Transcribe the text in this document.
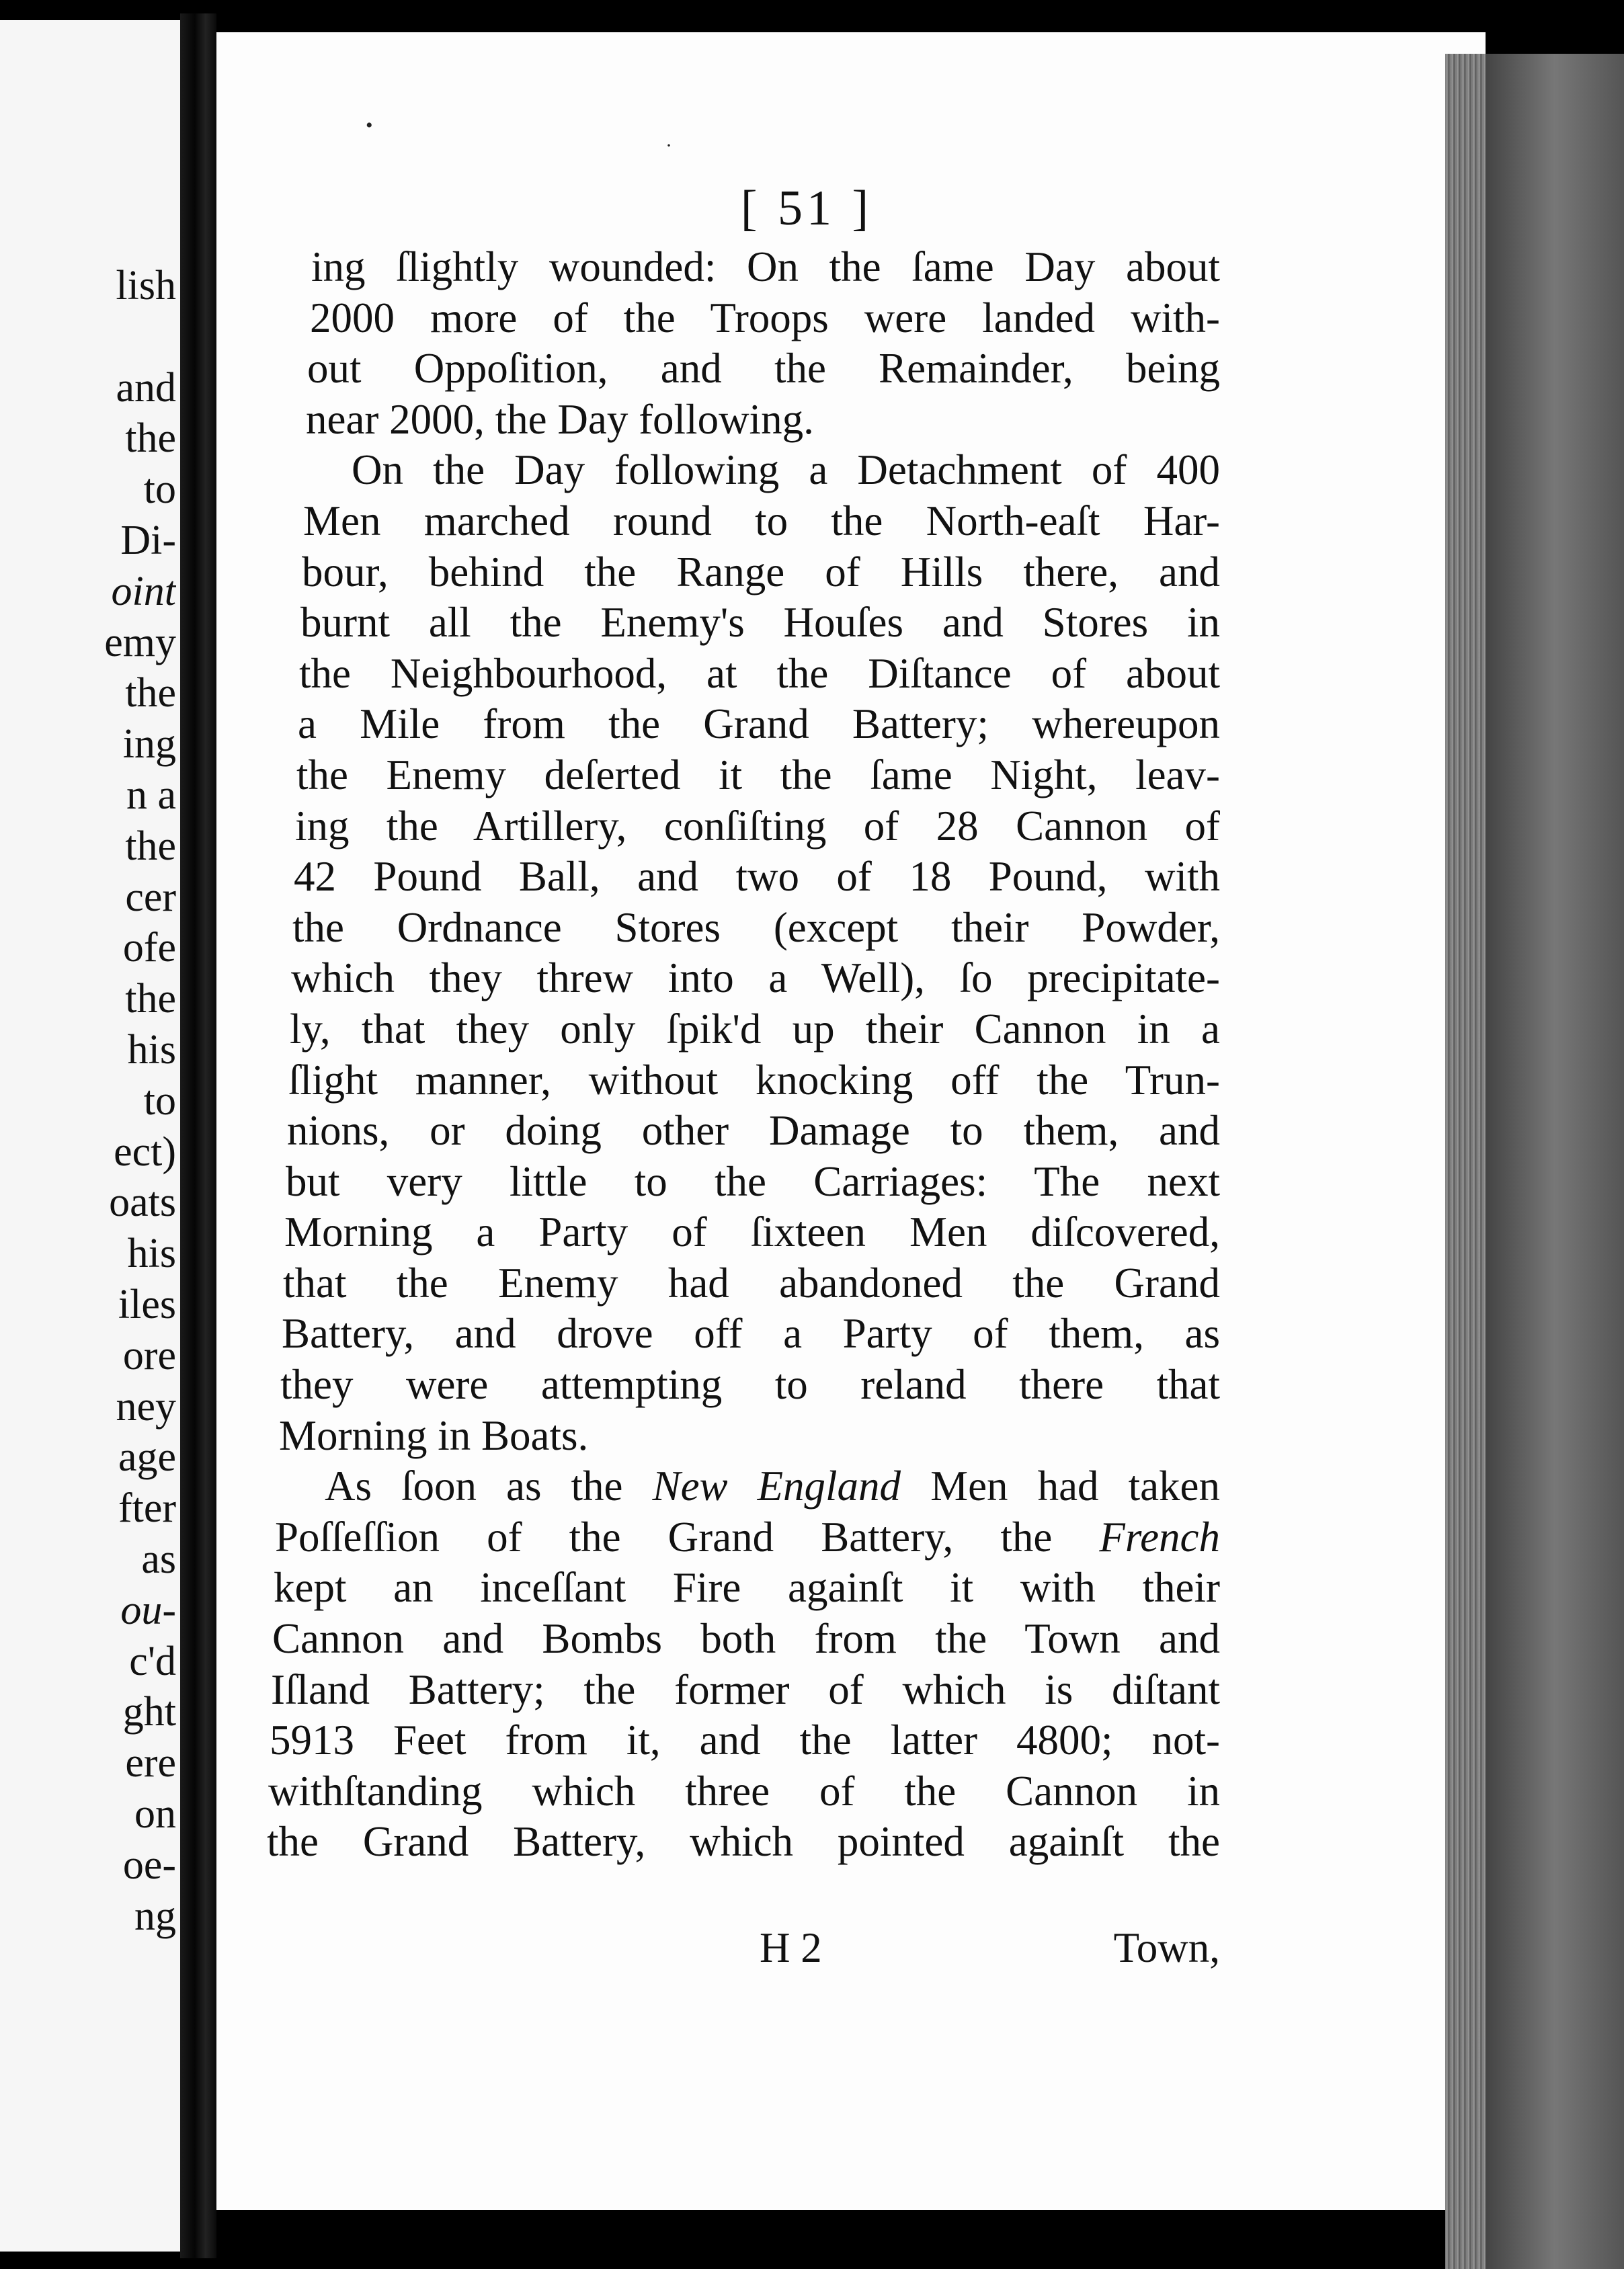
lish
and
the
to
Di-
oint
emy
the
ing
n a
the
cer
ofe
the
his
to
ect)
oats
his
iles
ore
ney
age
fter
as
ou-
c'd
ght
ere
on
oe-
ng
•
·
[ 51 ]
ing ſlightly wounded: On the ſame Day about
2000 more of the Troops were landed with-
out Oppoſition, and the Remainder, being
near 2000, the Day following.
On the Day following a Detachment of 400
Men marched round to the North-eaſt Har-
bour, behind the Range of Hills there, and
burnt all the Enemy's Houſes and Stores in
the Neighbourhood, at the Diſtance of about
a Mile from the Grand Battery; whereupon
the Enemy deſerted it the ſame Night, leav-
ing the Artillery, conſiſting of 28 Cannon of
42 Pound Ball, and two of 18 Pound, with
the Ordnance Stores (except their Powder,
which they threw into a Well), ſo precipitate-
ly, that they only ſpik'd up their Cannon in a
ſlight manner, without knocking off the Trun-
nions, or doing other Damage to them, and
but very little to the Carriages: The next
Morning a Party of ſixteen Men diſcovered,
that the Enemy had abandoned the Grand
Battery, and drove off a Party of them, as
they were attempting to reland there that
Morning in Boats.
As ſoon as the New England Men had taken
Poſſeſſion of the Grand Battery, the French
kept an inceſſant Fire againſt it with their
Cannon and Bombs both from the Town and
Iſland Battery; the former of which is diſtant
5913 Feet from it, and the latter 4800; not-
withſtanding which three of the Cannon in
the Grand Battery, which pointed againſt the
H 2	Town,
